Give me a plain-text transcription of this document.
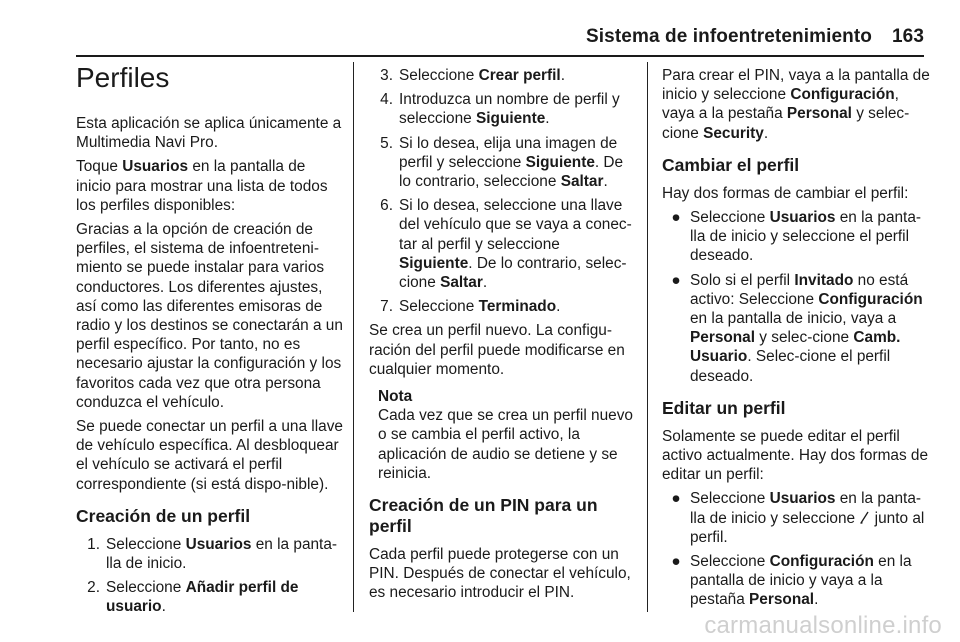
Sistema de infoentretenimiento 163
Perfiles

Esta aplicación se aplica únicamente a Multimedia Navi Pro.

Toque Usuarios en la pantalla de inicio para mostrar una lista de todos los perfiles disponibles:

Gracias a la opción de creación de perfiles, el sistema de infoentreteni-miento se puede instalar para varios conductores. Los diferentes ajustes, así como las diferentes emisoras de radio y los destinos se conectarán a un perfil específico. Por tanto, no es necesario ajustar la configuración y los favoritos cada vez que otra persona conduzca el vehículo.

Se puede conectar un perfil a una llave de vehículo específica. Al desbloquear el vehículo se activará el perfil correspondiente (si está dispo-nible).

Creación de un perfil
1. Seleccione Usuarios en la panta-lla de inicio.
2. Seleccione Añadir perfil de usuario.
3. Seleccione Crear perfil.
4. Introduzca un nombre de perfil y seleccione Siguiente.
5. Si lo desea, elija una imagen de perfil y seleccione Siguiente. De lo contrario, seleccione Saltar.
6. Si lo desea, seleccione una llave del vehículo que se vaya a conec-tar al perfil y seleccione Siguiente. De lo contrario, selec-cione Saltar.
7. Seleccione Terminado.

Se crea un perfil nuevo. La configu-ración del perfil puede modificarse en cualquier momento.

Nota
Cada vez que se crea un perfil nuevo o se cambia el perfil activo, la aplicación de audio se detiene y se reinicia.
Creación de un PIN para un perfil

Cada perfil puede protegerse con un PIN. Después de conectar el vehículo, es necesario introducir el PIN.

Para crear el PIN, vaya a la pantalla de inicio y seleccione Configuración, vaya a la pestaña Personal y selec-cione Security.

Cambiar el perfil

Hay dos formas de cambiar el perfil:

● Seleccione Usuarios en la panta-lla de inicio y seleccione el perfil deseado.
● Solo si el perfil Invitado no está activo: Seleccione Configuración en la pantalla de inicio, vaya a Personal y selec-cione Camb. Usuario. Selec-cione el perfil deseado.
Editar un perfil

Solamente se puede editar el perfil activo actualmente. Hay dos formas de editar un perfil:

● Seleccione Usuarios en la panta-lla de inicio y seleccione  junto al perfil.
● Seleccione Configuración en la pantalla de inicio y vaya a la pestaña Personal.
carmanualsonline.info
